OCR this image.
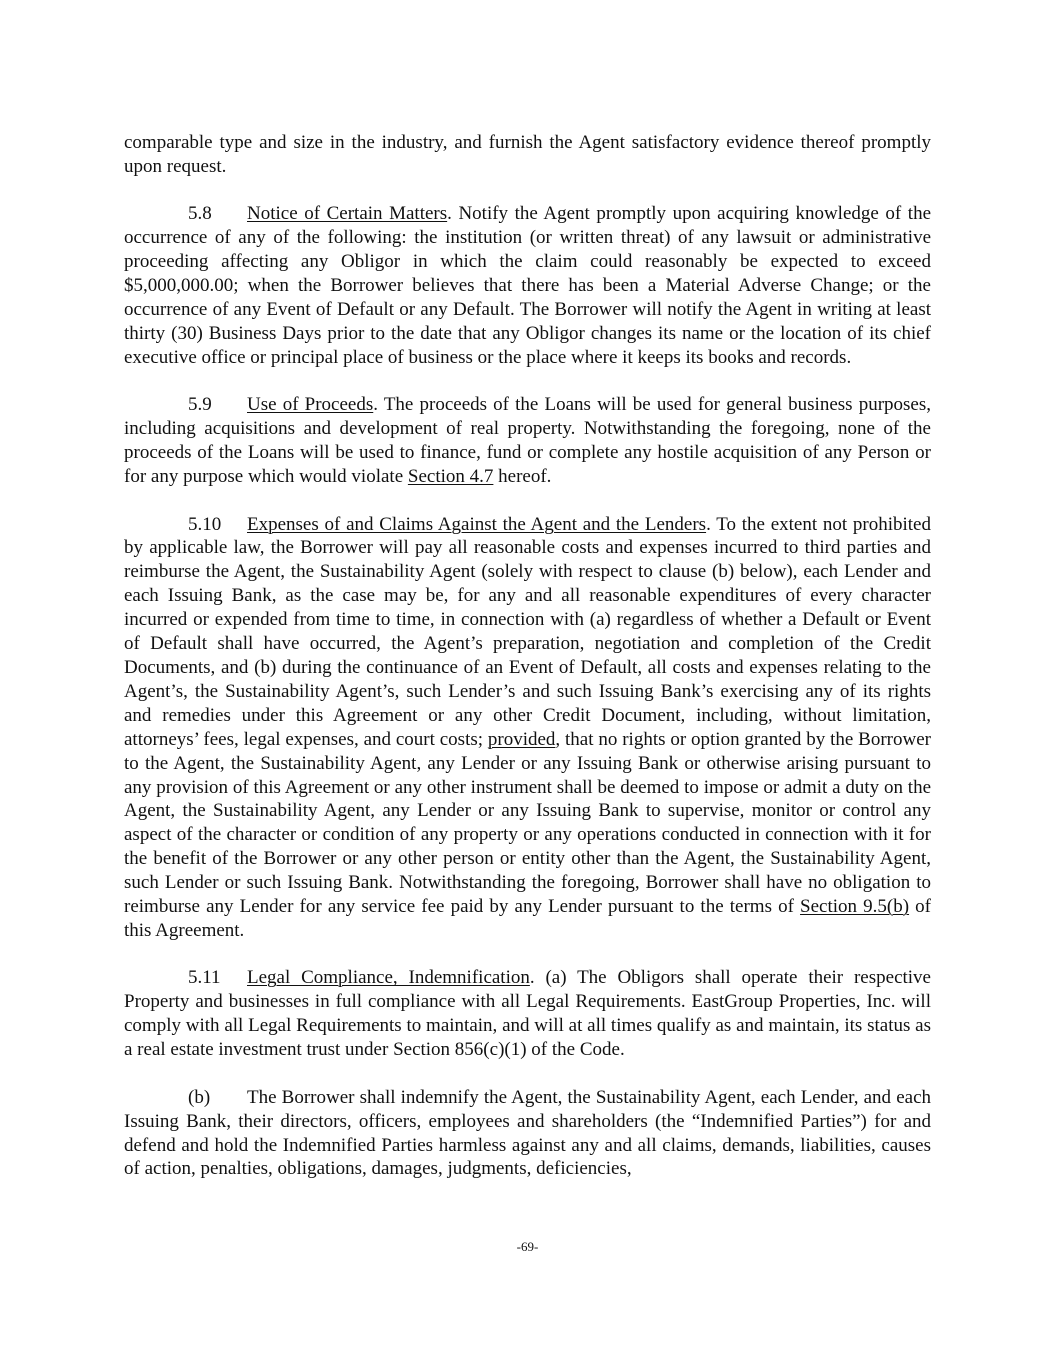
comparable type and size in the industry, and furnish the Agent satisfactory evidence thereof promptly upon request.

5.8 Notice of Certain Matters. Notify the Agent promptly upon acquiring knowledge of the occurrence of any of the following: the institution (or written threat) of any lawsuit or administrative proceeding affecting any Obligor in which the claim could reasonably be expected to exceed $5,000,000.00; when the Borrower believes that there has been a Material Adverse Change; or the occurrence of any Event of Default or any Default. The Borrower will notify the Agent in writing at least thirty (30) Business Days prior to the date that any Obligor changes its name or the location of its chief executive office or principal place of business or the place where it keeps its books and records.

5.9 Use of Proceeds. The proceeds of the Loans will be used for general business purposes, including acquisitions and development of real property. Notwithstanding the foregoing, none of the proceeds of the Loans will be used to finance, fund or complete any hostile acquisition of any Person or for any purpose which would violate Section 4.7 hereof.

5.10 Expenses of and Claims Against the Agent and the Lenders. To the extent not prohibited by applicable law, the Borrower will pay all reasonable costs and expenses incurred to third parties and reimburse the Agent, the Sustainability Agent (solely with respect to clause (b) below), each Lender and each Issuing Bank, as the case may be, for any and all reasonable expenditures of every character incurred or expended from time to time, in connection with (a) regardless of whether a Default or Event of Default shall have occurred, the Agent’s preparation, negotiation and completion of the Credit Documents, and (b) during the continuance of an Event of Default, all costs and expenses relating to the Agent’s, the Sustainability Agent’s, such Lender’s and such Issuing Bank’s exercising any of its rights and remedies under this Agreement or any other Credit Document, including, without limitation, attorneys’ fees, legal expenses, and court costs; provided, that no rights or option granted by the Borrower to the Agent, the Sustainability Agent, any Lender or any Issuing Bank or otherwise arising pursuant to any provision of this Agreement or any other instrument shall be deemed to impose or admit a duty on the Agent, the Sustainability Agent, any Lender or any Issuing Bank to supervise, monitor or control any aspect of the character or condition of any property or any operations conducted in connection with it for the benefit of the Borrower or any other person or entity other than the Agent, the Sustainability Agent, such Lender or such Issuing Bank. Notwithstanding the foregoing, Borrower shall have no obligation to reimburse any Lender for any service fee paid by any Lender pursuant to the terms of Section 9.5(b) of this Agreement.

5.11 Legal Compliance, Indemnification. (a) The Obligors shall operate their respective Property and businesses in full compliance with all Legal Requirements. EastGroup Properties, Inc. will comply with all Legal Requirements to maintain, and will at all times qualify as and maintain, its status as a real estate investment trust under Section 856(c)(1) of the Code.

(b) The Borrower shall indemnify the Agent, the Sustainability Agent, each Lender, and each Issuing Bank, their directors, officers, employees and shareholders (the “Indemnified Parties”) for and defend and hold the Indemnified Parties harmless against any and all claims, demands, liabilities, causes of action, penalties, obligations, damages, judgments, deficiencies,

-69-
